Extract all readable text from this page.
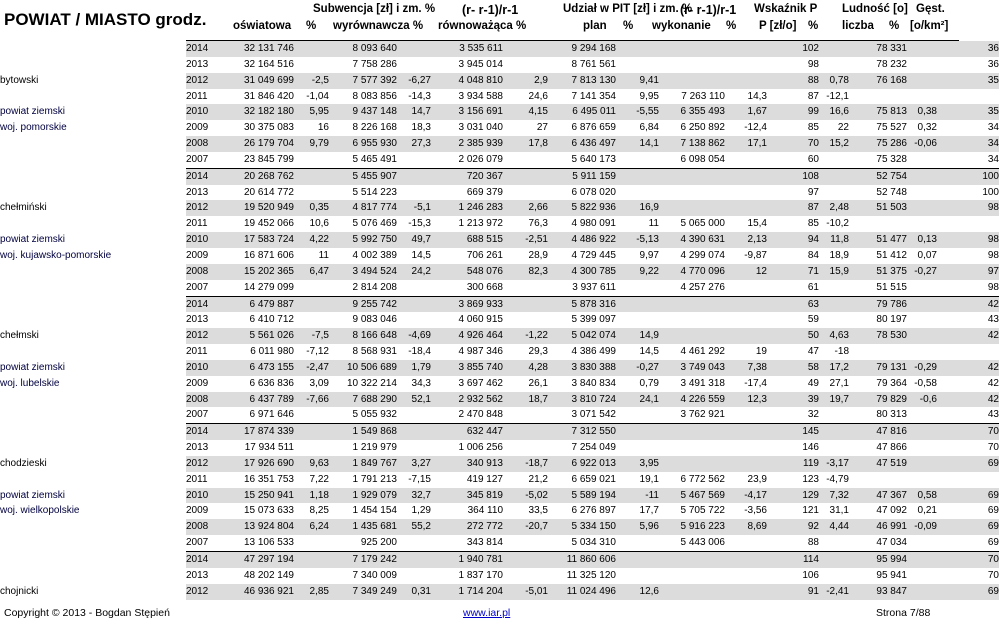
POWIAT / MIASTO grodz.
Subwencja [zł] i zm. % (r- r-1)/r-1	Udział w PIT [zł] i zm. %
(r- r-1)/r-1 Wskaźnik P Ludność [o] Gęst.
oświatowa % wyrównawcza % równoważąca %	plan % wykonanie % P [zł/o] % liczba % [o/km²]
	2014	32 131 746		8 093 640		3 535 611		9 294 168				102		78 331		36	
	2013	32 164 516		7 758 286		3 945 014		8 761 561				98		78 232		36	
bytowski	2012	31 049 699	-2,5	7 577 392	-6,27	4 048 810	2,9	7 813 130	9,41			88	0,78	76 168		35	
	2011	31 846 420	-1,04	8 083 856	-14,3	3 934 588	24,6	7 141 354	9,95	7 263 110	14,3	87	-12,1				
powiat ziemski	2010	32 182 180	5,95	9 437 148	14,7	3 156 691	4,15	6 495 011	-5,55	6 355 493	1,67	99	16,6	75 813	0,38	35	
woj. pomorskie	2009	30 375 083	16	8 226 168	18,3	3 031 040	27	6 876 659	6,84	6 250 892	-12,4	85	22	75 527	0,32	34	
	2008	26 179 704	9,79	6 955 930	27,3	2 385 939	17,8	6 436 497	14,1	7 138 862	17,1	70	15,2	75 286	-0,06	34	
	2007	23 845 799		5 465 491		2 026 079		5 640 173		6 098 054		60		75 328		34	
	2014	20 268 762		5 455 907		720 367		5 911 159				108		52 754		100	
	2013	20 614 772		5 514 223		669 379		6 078 020				97		52 748		100	
chełmiński	2012	19 520 949	0,35	4 817 774	-5,1	1 246 283	2,66	5 822 936	16,9			87	2,48	51 503		98	
	2011	19 452 066	10,6	5 076 469	-15,3	1 213 972	76,3	4 980 091	11	5 065 000	15,4	85	-10,2				
powiat ziemski	2010	17 583 724	4,22	5 992 750	49,7	688 515	-2,51	4 486 922	-5,13	4 390 631	2,13	94	11,8	51 477	0,13	98	
woj. kujawsko-pomorskie	2009	16 871 606	11	4 002 389	14,5	706 261	28,9	4 729 445	9,97	4 299 074	-9,87	84	18,9	51 412	0,07	98	
	2008	15 202 365	6,47	3 494 524	24,2	548 076	82,3	4 300 785	9,22	4 770 096	12	71	15,9	51 375	-0,27	97	
	2007	14 279 099		2 814 208		300 668		3 937 611		4 257 276		61		51 515		98	
	2014	6 479 887		9 255 742		3 869 933		5 878 316				63		79 786		42	
	2013	6 410 712		9 083 046		4 060 915		5 399 097				59		80 197		43	
chełmski	2012	5 561 026	-7,5	8 166 648	-4,69	4 926 464	-1,22	5 042 074	14,9			50	4,63	78 530		42	
	2011	6 011 980	-7,12	8 568 931	-18,4	4 987 346	29,3	4 386 499	14,5	4 461 292	19	47	-18				
powiat ziemski	2010	6 473 155	-2,47	10 506 689	1,79	3 855 740	4,28	3 830 388	-0,27	3 749 043	7,38	58	17,2	79 131	-0,29	42	
woj. lubelskie	2009	6 636 836	3,09	10 322 214	34,3	3 697 462	26,1	3 840 834	0,79	3 491 318	-17,4	49	27,1	79 364	-0,58	42	
	2008	6 437 789	-7,66	7 688 290	52,1	2 932 562	18,7	3 810 724	24,1	4 226 559	12,3	39	19,7	79 829	-0,6	42	
	2007	6 971 646		5 055 932		2 470 848		3 071 542		3 762 921		32		80 313		43	
	2014	17 874 339		1 549 868		632 447		7 312 550				145		47 816		70	
	2013	17 934 511		1 219 979		1 006 256		7 254 049				146		47 866		70	
chodzieski	2012	17 926 690	9,63	1 849 767	3,27	340 913	-18,7	6 922 013	3,95			119	-3,17	47 519		69	
	2011	16 351 753	7,22	1 791 213	-7,15	419 127	21,2	6 659 021	19,1	6 772 562	23,9	123	-4,79				
powiat ziemski	2010	15 250 941	1,18	1 929 079	32,7	345 819	-5,02	5 589 194	-11	5 467 569	-4,17	129	7,32	47 367	0,58	69	
woj. wielkopolskie	2009	15 073 633	8,25	1 454 154	1,29	364 110	33,5	6 276 897	17,7	5 705 722	-3,56	121	31,1	47 092	0,21	69	
	2008	13 924 804	6,24	1 435 681	55,2	272 772	-20,7	5 334 150	5,96	5 916 223	8,69	92	4,44	46 991	-0,09	69	
	2007	13 106 533		925 200		343 814		5 034 310		5 443 006		88		47 034		69	
	2014	47 297 194		7 179 242		1 940 781		11 860 606				114		95 994		70	
	2013	48 202 149		7 340 009		1 837 170		11 325 120				106		95 941		70	
chojnicki	2012	46 936 921	2,85	7 349 249	0,31	1 714 204	-5,01	11 024 496	12,6			91	-2,41	93 847		69	
Copyright © 2013 - Bogdan Stępień	www.iar.pl	Strona 7/88
